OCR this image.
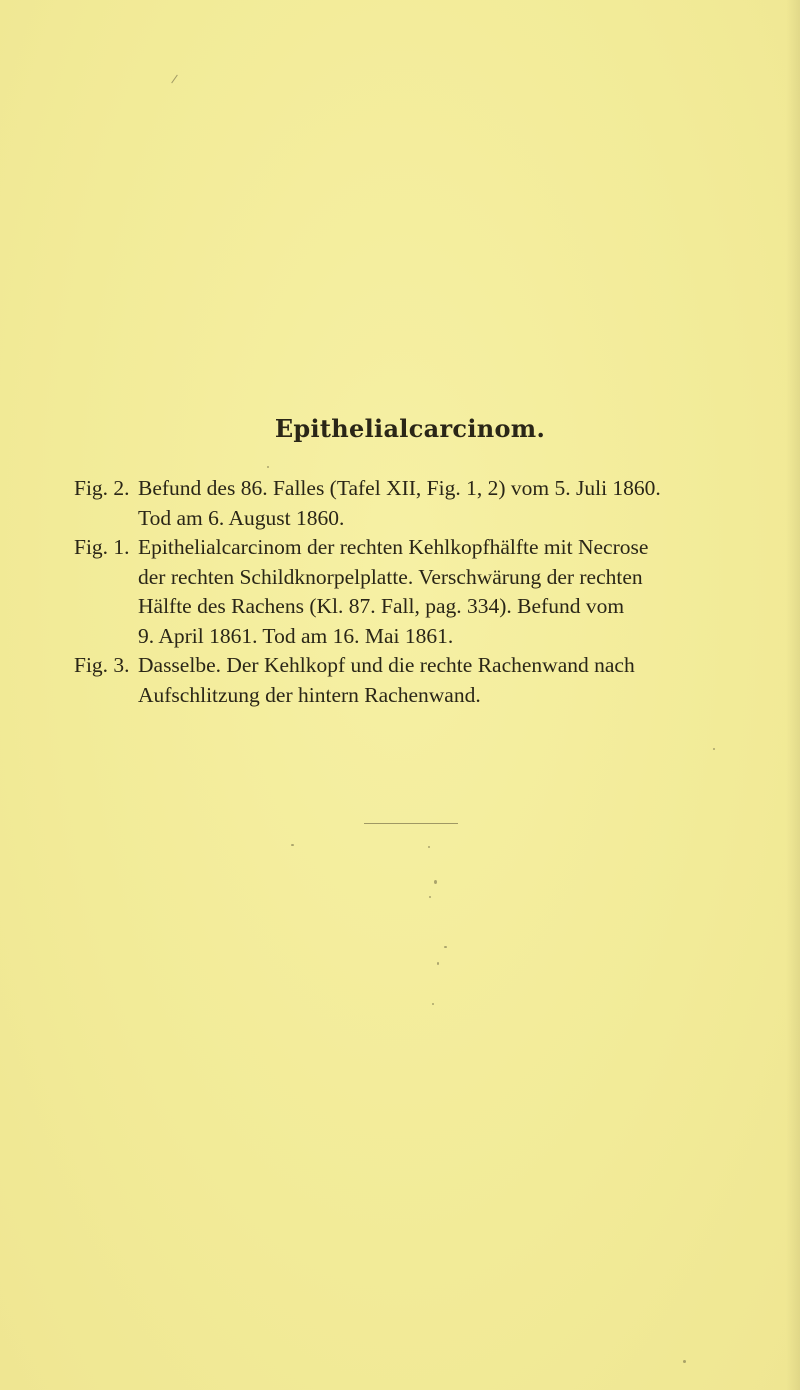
Epithelialcarcinom.
Fig. 2. Befund des 86. Falles (Tafel XII, Fig. 1, 2) vom 5. Juli 1860.
Tod am 6. August 1860.
Fig. 1. Epithelialcarcinom der rechten Kehlkopfhälfte mit Necrose
der rechten Schildknorpelplatte. Verschwärung der rechten
Hälfte des Rachens (Kl. 87. Fall, pag. 334). Befund vom
9. April 1861. Tod am 16. Mai 1861.
Fig. 3. Dasselbe. Der Kehlkopf und die rechte Rachenwand nach
Aufschlitzung der hintern Rachenwand.
